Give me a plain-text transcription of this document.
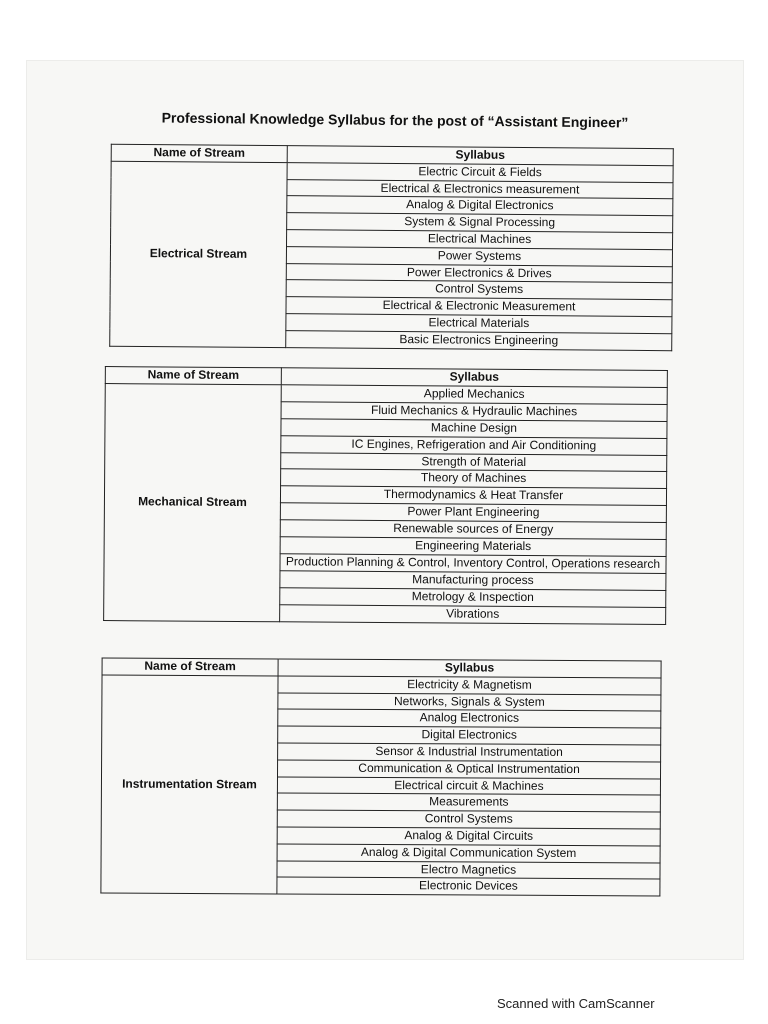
Professional Knowledge Syllabus for the post of “Assistant Engineer”
Name of Stream	Syllabus
Electrical Stream	Electric Circuit & Fields
	Electrical & Electronics measurement
	Analog & Digital Electronics
	System & Signal Processing
	Electrical Machines
	Power Systems
	Power Electronics & Drives
	Control Systems
	Electrical & Electronic Measurement
	Electrical Materials
	Basic Electronics Engineering
Name of Stream	Syllabus
Mechanical Stream	Applied Mechanics
	Fluid Mechanics & Hydraulic Machines
	Machine Design
	IC Engines, Refrigeration and Air Conditioning
	Strength of Material
	Theory of Machines
	Thermodynamics & Heat Transfer
	Power Plant Engineering
	Renewable sources of Energy
	Engineering Materials
	Production Planning & Control, Inventory Control, Operations research
	Manufacturing process
	Metrology & Inspection
	Vibrations
Name of Stream	Syllabus
Instrumentation Stream	Electricity & Magnetism
	Networks, Signals & System
	Analog Electronics
	Digital Electronics
	Sensor & Industrial Instrumentation
	Communication & Optical Instrumentation
	Electrical circuit & Machines
	Measurements
	Control Systems
	Analog & Digital Circuits
	Analog & Digital Communication System
	Electro Magnetics
	Electronic Devices
Scanned with CamScanner
